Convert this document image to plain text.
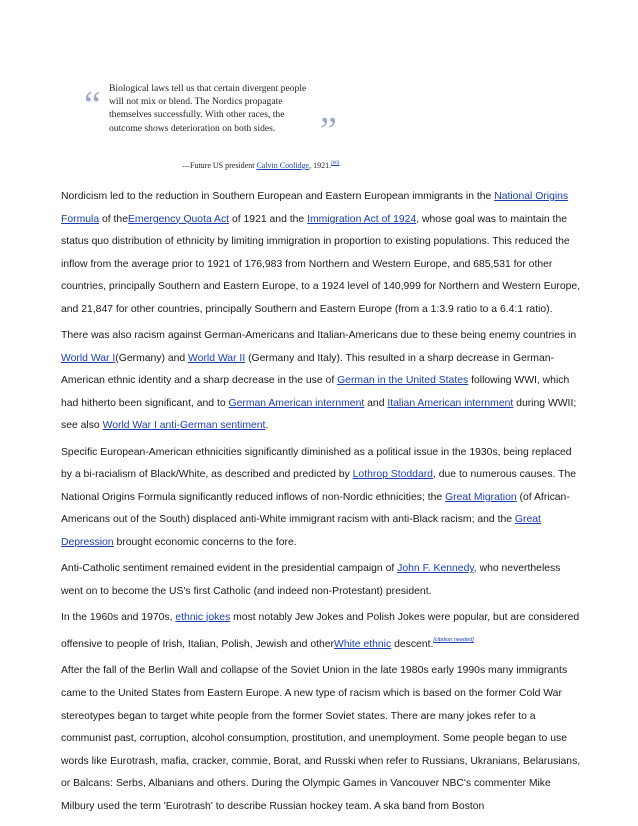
“ Biological laws tell us that certain divergent people will not mix or blend. The Nordics propagate themselves successfully. With other races, the outcome shows deterioration on both sides.	”
—Future US president Calvin Coolidge, 1921.[60]

Nordicism led to the reduction in Southern European and Eastern European immigrants in the National Origins Formula of theEmergency Quota Act of 1921 and the Immigration Act of 1924, whose goal was to maintain the status quo distribution of ethnicity by limiting immigration in proportion to existing populations. This reduced the inflow from the average prior to 1921 of 176,983 from Northern and Western Europe, and 685,531 for other countries, principally Southern and Eastern Europe, to a 1924 level of 140,999 for Northern and Western Europe, and 21,847 for other countries, principally Southern and Eastern Europe (from a 1:3.9 ratio to a 6.4:1 ratio).

There was also racism against German-Americans and Italian-Americans due to these being enemy countries in World War I(Germany) and World War II (Germany and Italy). This resulted in a sharp decrease in German-American ethnic identity and a sharp decrease in the use of German in the United States following WWI, which had hitherto been significant, and to German American internment and Italian American internment during WWII; see also World War I anti-German sentiment.

Specific European-American ethnicities significantly diminished as a political issue in the 1930s, being replaced by a bi-racialism of Black/White, as described and predicted by Lothrop Stoddard, due to numerous causes. The National Origins Formula significantly reduced inflows of non-Nordic ethnicities; the Great Migration (of African-Americans out of the South) displaced anti-White immigrant racism with anti-Black racism; and the Great Depression brought economic concerns to the fore.

Anti-Catholic sentiment remained evident in the presidential campaign of John F. Kennedy, who nevertheless went on to become the US's first Catholic (and indeed non-Protestant) president.

In the 1960s and 1970s, ethnic jokes most notably Jew Jokes and Polish Jokes were popular, but are considered offensive to people of Irish, Italian, Polish, Jewish and otherWhite ethnic descent.[citation needed]

After the fall of the Berlin Wall and collapse of the Soviet Union in the late 1980s early 1990s many immigrants came to the United States from Eastern Europe. A new type of racism which is based on the former Cold War stereotypes began to target white people from the former Soviet states. There are many jokes refer to a communist past, corruption, alcohol consumption, prostitution, and unemployment. Some people began to use words like Eurotrash, mafia, cracker, commie, Borat, and Russki when refer to Russians, Ukranians, Belarusians, or Balcans: Serbs, Albanians and others. During the Olympic Games in Vancouver NBC's commenter Mike Milbury used the term 'Eurotrash' to describe Russian hockey team. A ska band from Boston
